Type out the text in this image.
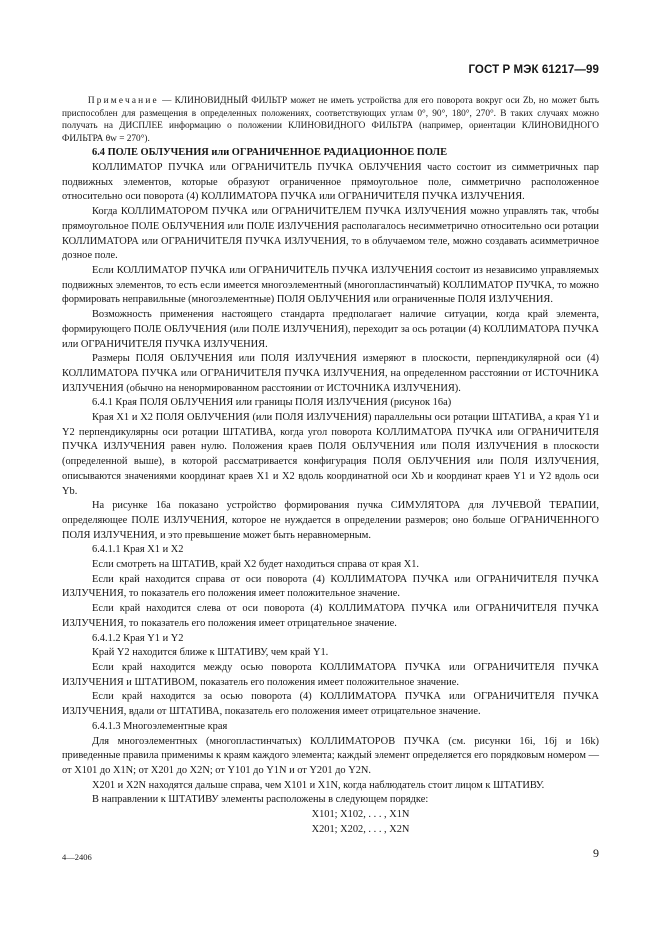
ГОСТ Р МЭК 61217—99

Примечание — КЛИНОВИДНЫЙ ФИЛЬТР может не иметь устройства для его поворота вокруг оси Zb, но может быть приспособлен для размещения в определенных положениях, соответствующих углам 0°, 90°, 180°, 270°. В таких случаях можно получать на ДИСПЛЕЕ информацию о положении КЛИНОВИДНОГО ФИЛЬТРА (например, ориентации КЛИНОВИДНОГО ФИЛЬТРА θw = 270°).

6.4 ПОЛЕ ОБЛУЧЕНИЯ или ОГРАНИЧЕННОЕ РАДИАЦИОННОЕ ПОЛЕ

КОЛЛИМАТОР ПУЧКА или ОГРАНИЧИТЕЛЬ ПУЧКА ОБЛУЧЕНИЯ часто состоит из симметричных пар подвижных элементов, которые образуют ограниченное прямоугольное поле, симметрично расположенное относительно оси поворота (4) КОЛЛИМАТОРА ПУЧКА или ОГРАНИЧИТЕЛЯ ПУЧКА ИЗЛУЧЕНИЯ.

Когда КОЛЛИМАТОРОМ ПУЧКА или ОГРАНИЧИТЕЛЕМ ПУЧКА ИЗЛУЧЕНИЯ можно управлять так, чтобы прямоугольное ПОЛЕ ОБЛУЧЕНИЯ или ПОЛЕ ИЗЛУЧЕНИЯ располагалось несимметрично относительно оси ротации КОЛЛИМАТОРА или ОГРАНИЧИТЕЛЯ ПУЧКА ИЗЛУЧЕНИЯ, то в облучаемом теле, можно создавать асимметричное дозное поле.

Если КОЛЛИМАТОР ПУЧКА или ОГРАНИЧИТЕЛЬ ПУЧКА ИЗЛУЧЕНИЯ состоит из независимо управляемых подвижных элементов, то есть если имеется многоэлементный (многопластинчатый) КОЛЛИМАТОР ПУЧКА, то можно формировать неправильные (многоэлементные) ПОЛЯ ОБЛУЧЕНИЯ или ограниченные ПОЛЯ ИЗЛУЧЕНИЯ.

Возможность применения настоящего стандарта предполагает наличие ситуации, когда край элемента, формирующего ПОЛЕ ОБЛУЧЕНИЯ (или ПОЛЕ ИЗЛУЧЕНИЯ), переходит за ось ротации (4) КОЛЛИМАТОРА ПУЧКА или ОГРАНИЧИТЕЛЯ ПУЧКА ИЗЛУЧЕНИЯ.

Размеры ПОЛЯ ОБЛУЧЕНИЯ или ПОЛЯ ИЗЛУЧЕНИЯ измеряют в плоскости, перпендикулярной оси (4) КОЛЛИМАТОРА ПУЧКА или ОГРАНИЧИТЕЛЯ ПУЧКА ИЗЛУЧЕНИЯ, на определенном расстоянии от ИСТОЧНИКА ИЗЛУЧЕНИЯ (обычно на ненормированном расстоянии от ИСТОЧНИКА ИЗЛУЧЕНИЯ).

6.4.1 Края ПОЛЯ ОБЛУЧЕНИЯ или границы ПОЛЯ ИЗЛУЧЕНИЯ (рисунок 16а)

Края X1 и X2 ПОЛЯ ОБЛУЧЕНИЯ (или ПОЛЯ ИЗЛУЧЕНИЯ) параллельны оси ротации ШТАТИВА, а края Y1 и Y2 перпендикулярны оси ротации ШТАТИВА, когда угол поворота КОЛЛИМАТОРА ПУЧКА или ОГРАНИЧИТЕЛЯ ПУЧКА ИЗЛУЧЕНИЯ равен нулю. Положения краев ПОЛЯ ОБЛУЧЕНИЯ или ПОЛЯ ИЗЛУЧЕНИЯ в плоскости (определенной выше), в которой рассматривается конфигурация ПОЛЯ ОБЛУЧЕНИЯ или ПОЛЯ ИЗЛУЧЕНИЯ, описываются значениями координат краев X1 и X2 вдоль координатной оси Xb и координат краев Y1 и Y2 вдоль оси Yb.

На рисунке 16а показано устройство формирования пучка СИМУЛЯТОРА для ЛУЧЕВОЙ ТЕРАПИИ, определяющее ПОЛЕ ИЗЛУЧЕНИЯ, которое не нуждается в определении размеров; оно больше ОГРАНИЧЕННОГО ПОЛЯ ИЗЛУЧЕНИЯ, и это превышение может быть неравномерным.

6.4.1.1 Края X1 и X2

Если смотреть на ШТАТИВ, край X2 будет находиться справа от края X1.

Если край находится справа от оси поворота (4) КОЛЛИМАТОРА ПУЧКА или ОГРАНИЧИТЕЛЯ ПУЧКА ИЗЛУЧЕНИЯ, то показатель его положения имеет положительное значение.

Если край находится слева от оси поворота (4) КОЛЛИМАТОРА ПУЧКА или ОГРАНИЧИТЕЛЯ ПУЧКА ИЗЛУЧЕНИЯ, то показатель его положения имеет отрицательное значение.

6.4.1.2 Края Y1 и Y2

Край Y2 находится ближе к ШТАТИВУ, чем край Y1.

Если край находится между осью поворота КОЛЛИМАТОРА ПУЧКА или ОГРАНИЧИТЕЛЯ ПУЧКА ИЗЛУЧЕНИЯ и ШТАТИВОМ, показатель его положения имеет положительное значение.

Если край находится за осью поворота (4) КОЛЛИМАТОРА ПУЧКА или ОГРАНИЧИТЕЛЯ ПУЧКА ИЗЛУЧЕНИЯ, вдали от ШТАТИВА, показатель его положения имеет отрицательное значение.

6.4.1.3 Многоэлементные края

Для многоэлементных (многопластинчатых) КОЛЛИМАТОРОВ ПУЧКА (см. рисунки 16i, 16j и 16k) приведенные правила применимы к краям каждого элемента; каждый элемент определяется его порядковым номером — от X101 до X1N; от X201 до X2N; от Y101 до Y1N и от Y201 до Y2N.

X201 и X2N находятся дальше справа, чем X101 и X1N, когда наблюдатель стоит лицом к ШТАТИВУ.

В направлении к ШТАТИВУ элементы расположены в следующем порядке:

X101; X102, . . . , X1N

X201; X202, . . . , X2N

4—2406	9
